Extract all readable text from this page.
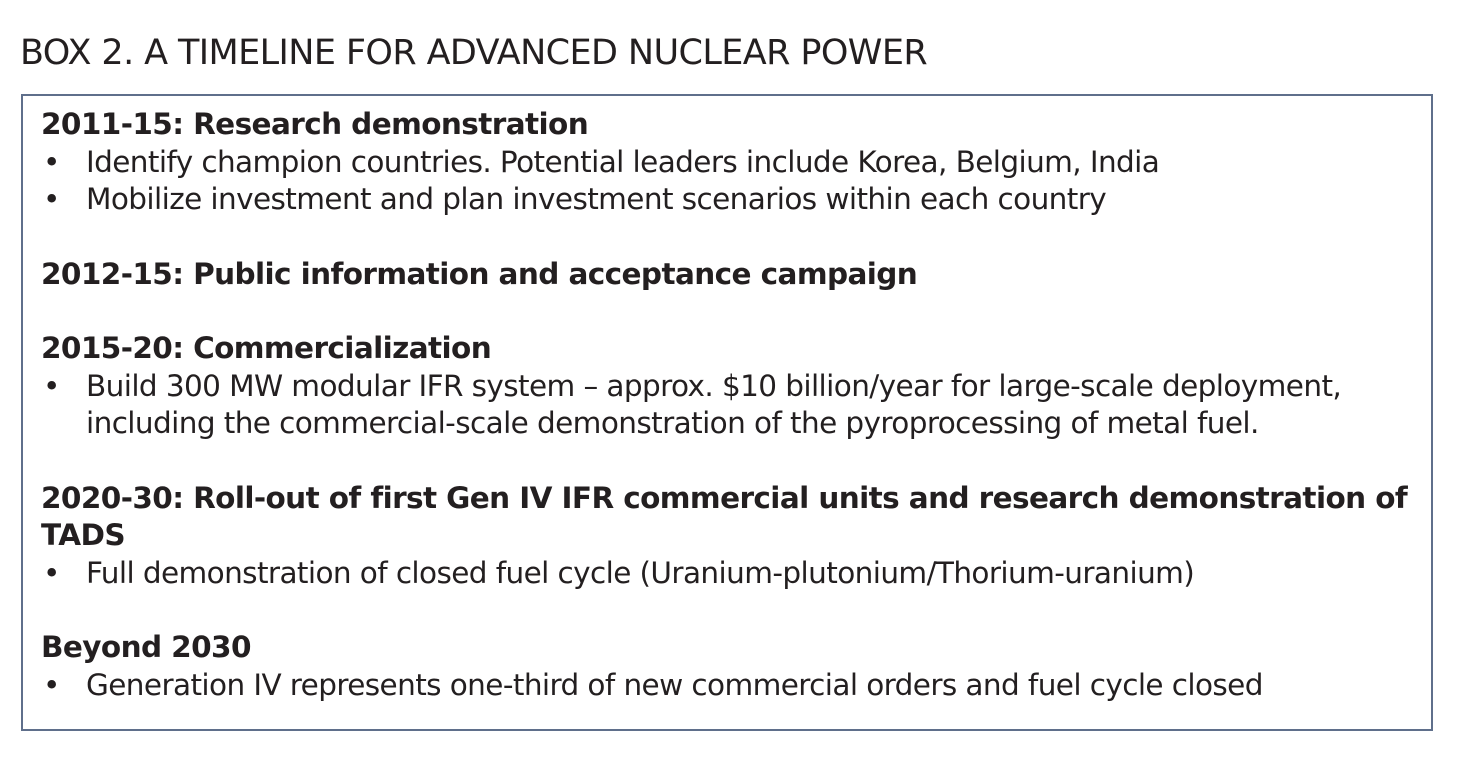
BOX 2. A TIMELINE FOR ADVANCED NUCLEAR POWER
2011-15: Research demonstration
• Identify champion countries. Potential leaders include Korea, Belgium, India
• Mobilize investment and plan investment scenarios within each country
2012-15: Public information and acceptance campaign
2015-20: Commercialization
• Build 300 MW modular IFR system – approx. $10 billion/year for large-scale deployment, including the commercial-scale demonstration of the pyroprocessing of metal fuel.
2020-30: Roll-out of first Gen IV IFR commercial units and research demonstration of TADS
• Full demonstration of closed fuel cycle (Uranium-plutonium/Thorium-uranium)
Beyond 2030
• Generation IV represents one-third of new commercial orders and fuel cycle closed
